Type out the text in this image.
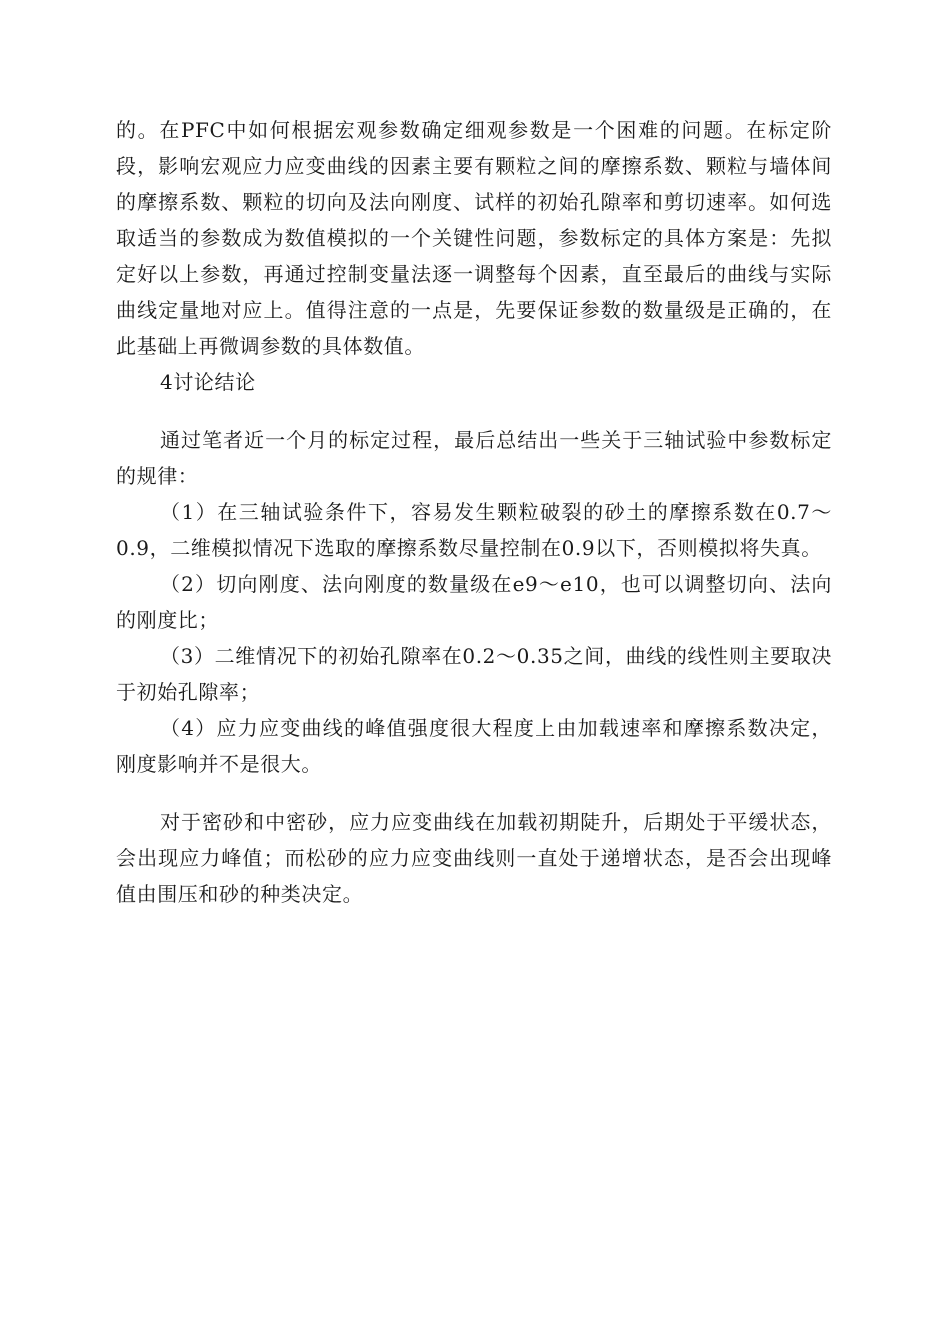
的。在PFC中如何根据宏观参数确定细观参数是一个困难的问题。在标定阶段，影响宏观应力应变曲线的因素主要有颗粒之间的摩擦系数、颗粒与墙体间的摩擦系数、颗粒的切向及法向刚度、试样的初始孔隙率和剪切速率。如何选取适当的参数成为数值模拟的一个关键性问题，参数标定的具体方案是：先拟定好以上参数，再通过控制变量法逐一调整每个因素，直至最后的曲线与实际曲线定量地对应上。值得注意的一点是，先要保证参数的数量级是正确的，在此基础上再微调参数的具体数值。

4讨论结论

通过笔者近一个月的标定过程，最后总结出一些关于三轴试验中参数标定的规律：

（1）在三轴试验条件下，容易发生颗粒破裂的砂土的摩擦系数在0.7～0.9，二维模拟情况下选取的摩擦系数尽量控制在0.9以下，否则模拟将失真。

（2）切向刚度、法向刚度的数量级在e9～e10，也可以调整切向、法向的刚度比；

（3）二维情况下的初始孔隙率在0.2～0.35之间，曲线的线性则主要取决于初始孔隙率；

（4）应力应变曲线的峰值强度很大程度上由加载速率和摩擦系数决定，刚度影响并不是很大。

对于密砂和中密砂，应力应变曲线在加载初期陡升，后期处于平缓状态，会出现应力峰值；而松砂的应力应变曲线则一直处于递增状态，是否会出现峰值由围压和砂的种类决定。
